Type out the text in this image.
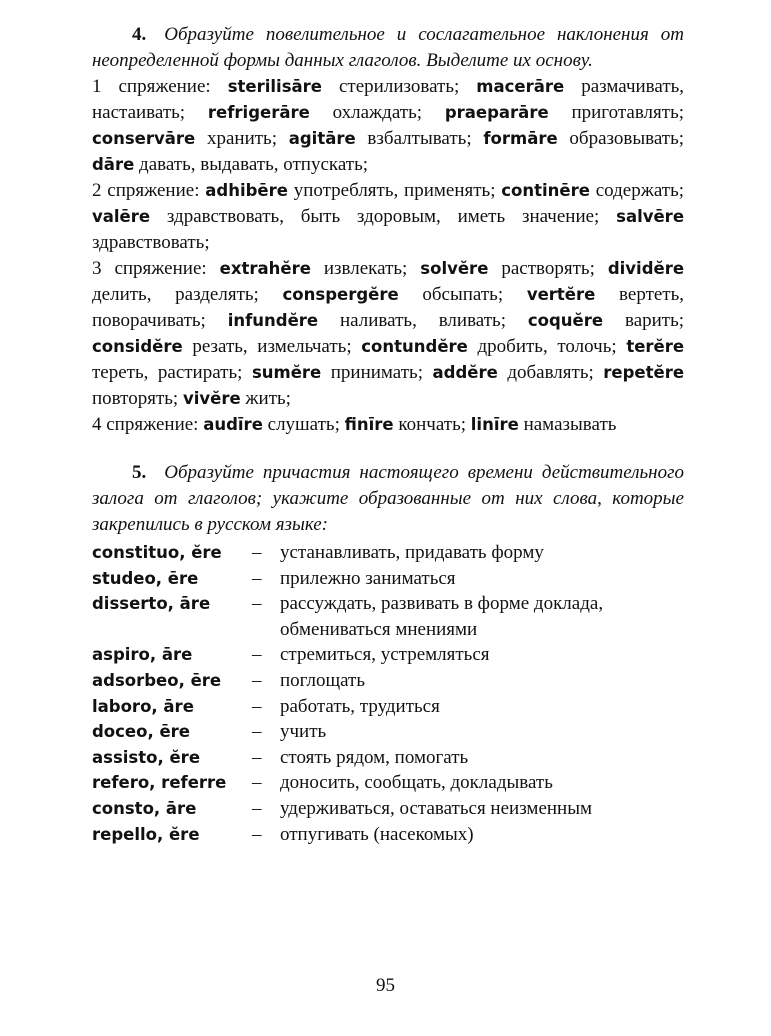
4. Образуйте повелительное и сослагательное наклонения от неопределенной формы данных глаголов. Выделите их основу.

1 спряжение: sterilisāre стерилизовать; macerāre размачивать, настаивать; refrigerāre охлаждать; praeparāre приготавлять; conservāre хранить; agitāre взбалтывать; formāre образовывать; dāre давать, выдавать, отпускать;

2 спряжение: adhibēre употреблять, применять; continēre содержать; valēre здравствовать, быть здоровым, иметь значение; salvēre здравствовать;

3 спряжение: extrahĕre извлекать; solvĕre растворять; dividĕre делить, разделять; conspergĕre обсыпать; vertĕre вертеть, поворачивать; infundĕre наливать, вливать; coquĕre варить; considĕre резать, измельчать; contundĕre дробить, толочь; terĕre тереть, растирать; sumĕre принимать; addĕre добавлять; repetĕre повторять; vivĕre жить;

4 спряжение: audīre слушать; finīre кончать; linīre намазывать

5. Образуйте причастия настоящего времени действительного залога от глаголов; укажите образованные от них слова, которые закрепились в русском языке:

constituo, ĕre	– устанавливать, придавать форму
studeo, ēre	– прилежно заниматься
disserto, āre	– рассуждать, развивать в форме доклада, обмениваться мнениями
aspiro, āre	– стремиться, устремляться
adsorbeo, ēre	– поглощать
laboro, āre	– работать, трудиться
doceo, ēre	– учить
assisto, ĕre	– стоять рядом, помогать
refero, referre	– доносить, сообщать, докладывать
consto, āre	– удерживаться, оставаться неизменным
repello, ĕre	– отпугивать (насекомых)
95
